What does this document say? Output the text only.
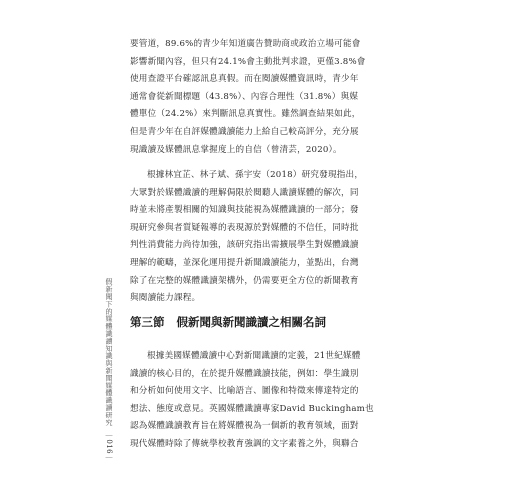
要管道，89.6%的青少年知道廣告贊助商或政治立場可能會
影響新聞內容，但只有24.1%會主動批判求證，更僅3.8%會
使用查證平台確認訊息真假。而在閱讀媒體資訊時，青少年
通常會從新聞標題（43.8%）、內容合理性（31.8%）與媒
體單位（24.2%）來判斷訊息真實性。雖然調查結果如此，
但是青少年在自評媒體識讀能力上給自己較高評分，充分展
現識讀及媒體訊息掌握度上的自信（曾清芸，2020）。
根據林宜芷、林子斌、孫宇安（2018）研究發現指出，
大眾對於媒體識讀的理解侷限於閱聽人識讀媒體的解次，同
時並未將產製相關的知識與技能視為媒體識讀的一部分；發
現研究參與者質疑報導的表現源於對媒體的不信任，同時批
判性消費能力尚待加強，該研究指出需擴展學生對媒體識讀
理解的範疇，並深化運用提升新聞識讀能力，並點出，台灣
除了在完整的媒體識讀架構外，仍需要更全方位的新聞教育
與閱讀能力課程。
第三節 假新聞與新聞識讀之相關名詞
根據美國媒體識讀中心對新聞識讀的定義，21世紀媒體
識讀的核心目的，在於提升媒體識讀技能，例如：學生識別
和分析如何使用文字、比喻語言、圖像和特徵來傳達特定的
想法、態度或意見。英國媒體識讀專家David Buckingham也
認為媒體識讀教育旨在將媒體視為一個新的教育領域，面對
現代媒體時除了傳統學校教育強調的文字素養之外，與聯合
假新聞下的媒體識讀知識與新聞媒體識讀研究｜016｜
